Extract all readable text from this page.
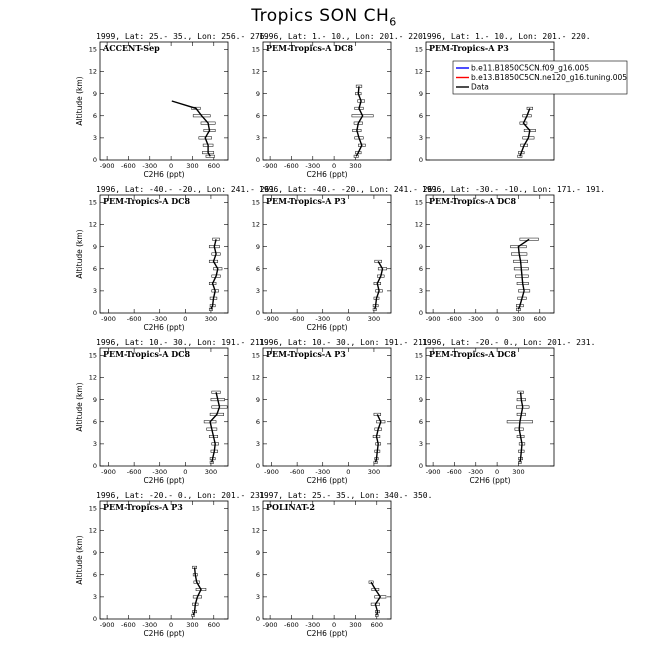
Tropics SON $CH_6$
1999, Lat: 25.- 35., Lon: 256.- 276.
ACCENT-Sep
0
3
6
9
12
15
-900 -600 -300 0 300 600
Altitude (km)
C2H6 (ppt)
1996, Lat: 1.- 10., Lon: 201.- 220.
PEM-Tropics-A DC8
0
3
6
9
12
15
-900 -600 -300 0 300
C2H6 (ppt)
1996, Lat: 1.- 10., Lon: 201.- 220.
PEM-Tropics-A P3
0
3
6
9
12
15
1996, Lat: -40.- -20., Lon: 241.- 261.
PEM-Tropics-A DC8
0
3
6
9
12
15
-900 -600 -300 0	300
Altitude (km)
C2H6 (ppt)
1996, Lat: -40.- -20., Lon: 241.- 261.
PEM-Tropics-A P3
0
3
6
9
12
15
-900 -600 -300 0	300
C2H6 (ppt)
1996, Lat: -30.- -10., Lon: 171.- 191.
PEM-Tropics-A DC8
0
3
6
9
12
15
-900 -600 -300 0 300 600
1996, Lat: 10.- 30., Lon: 191.- 211.
PEM-Tropics-A DC8
0
3
6
9
12
15
-900 -600 -300 0	300
Altitude (km)
C2H6 (ppt)
1996, Lat: 10.- 30., Lon: 191.- 211.
PEM-Tropics-A P3
0
3
6
9
12
15
-900 -600 -300 0	300
C2H6 (ppt)
1996, Lat: -20.- 0., Lon: 201.- 231.
PEM-Tropics-A DC8
0
3
6
9
12
15
-900 -600 -300 0 300
C2H6 (ppt)
1996, Lat: -20.- 0., Lon: 201.- 231.
PEM-Tropics-A P3
0
3
6
9
12
15
-900 -600 -300 0 300 600
Altitude (km)
C2H6 (ppt)
1997, Lat: 25.- 35., Lon: 340.- 350.
POLINAT-2
0
3
6
9
12
15
-900 -600 -300 0 300 600
C2H6 (ppt)
b.e11.B1850C5CN.f09_g16.005
b.e13.B1850C5CN.ne120_g16.tuning.005
Data
